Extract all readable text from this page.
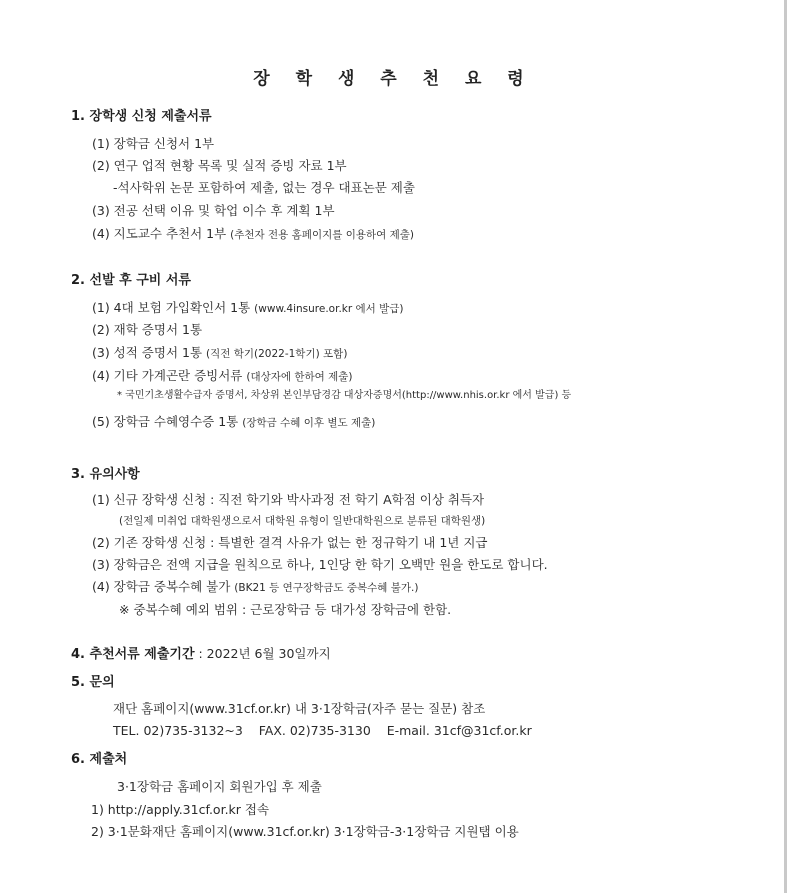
장 학 생 추 천 요 령
1. 장학생 신청 제출서류
(1) 장학금 신청서 1부
(2) 연구 업적 현황 목록 및 실적 증빙 자료 1부
-석사학위 논문 포함하여 제출, 없는 경우 대표논문 제출
(3) 전공 선택 이유 및 학업 이수 후 계획 1부
(4) 지도교수 추천서 1부 (추천자 전용 홈페이지를 이용하여 제출)
2. 선발 후 구비 서류
(1) 4대 보험 가입확인서 1통 (www.4insure.or.kr 에서 발급)
(2) 재학 증명서 1통
(3) 성적 증명서 1통 (직전 학기(2022-1학기) 포함)
(4) 기타 가계곤란 증빙서류 (대상자에 한하여 제출)
* 국민기초생활수급자 증명서, 차상위 본인부담경감 대상자증명서(http://www.nhis.or.kr 에서 발급) 등
(5) 장학금 수혜영수증 1통 (장학금 수혜 이후 별도 제출)
3. 유의사항
(1) 신규 장학생 신청 : 직전 학기와 박사과정 전 학기 A학점 이상 취득자
(전일제 미취업 대학원생으로서 대학원 유형이 일반대학원으로 분류된 대학원생)
(2) 기존 장학생 신청 : 특별한 결격 사유가 없는 한 정규학기 내 1년 지급
(3) 장학금은 전액 지급을 원칙으로 하나, 1인당 한 학기 오백만 원을 한도로 합니다.
(4) 장학금 중복수혜 불가 (BK21 등 연구장학금도 중복수혜 불가.)
※ 중복수혜 예외 범위 : 근로장학금 등 대가성 장학금에 한함.
4. 추천서류 제출기간 : 2022년 6월 30일까지
5. 문의
재단 홈페이지(www.31cf.or.kr) 내 3·1장학금(자주 묻는 질문) 참조
TEL. 02)735-3132~3    FAX. 02)735-3130    E-mail. 31cf@31cf.or.kr
6. 제출처
3·1장학금 홈페이지 회원가입 후 제출
1) http://apply.31cf.or.kr 접속
2) 3·1문화재단 홈페이지(www.31cf.or.kr) 3·1장학금-3·1장학금 지원탭 이용
